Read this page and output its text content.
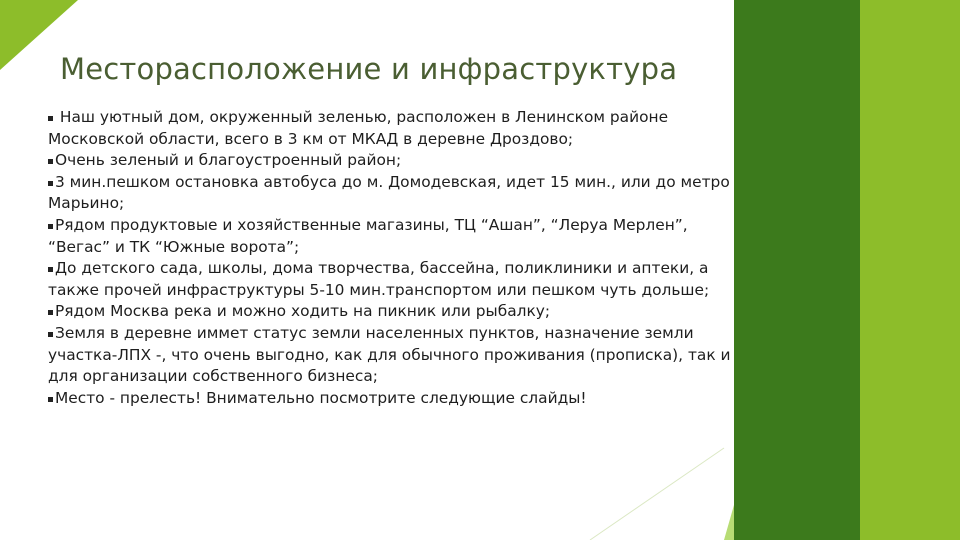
Месторасположение и инфраструктура

Наш уютный дом, окруженный зеленью, расположен в Ленинском районе Московской области, всего в 3 км от МКАД в деревне Дроздово;

Очень зеленый и благоустроенный район;

3 мин.пешком остановка автобуса до м. Домодевская, идет 15 мин., или до метро Марьино;

Рядом продуктовые и хозяйственные магазины, ТЦ “Ашан”, “Леруа Мерлен”, “Вегас” и ТК “Южные ворота”;

До детского сада, школы, дома творчества, бассейна, поликлиники и аптеки, а также прочей инфраструктуры 5-10 мин.транспортом или пешком чуть дольше;

Рядом Москва река и можно ходить на пикник или рыбалку;

Земля в деревне иммет статус земли населенных пунктов, назначение земли участка-ЛПХ -, что очень выгодно, как для обычного проживания (прописка), так и для организации собственного бизнеса;

Место - прелесть! Внимательно посмотрите следующие слайды!
